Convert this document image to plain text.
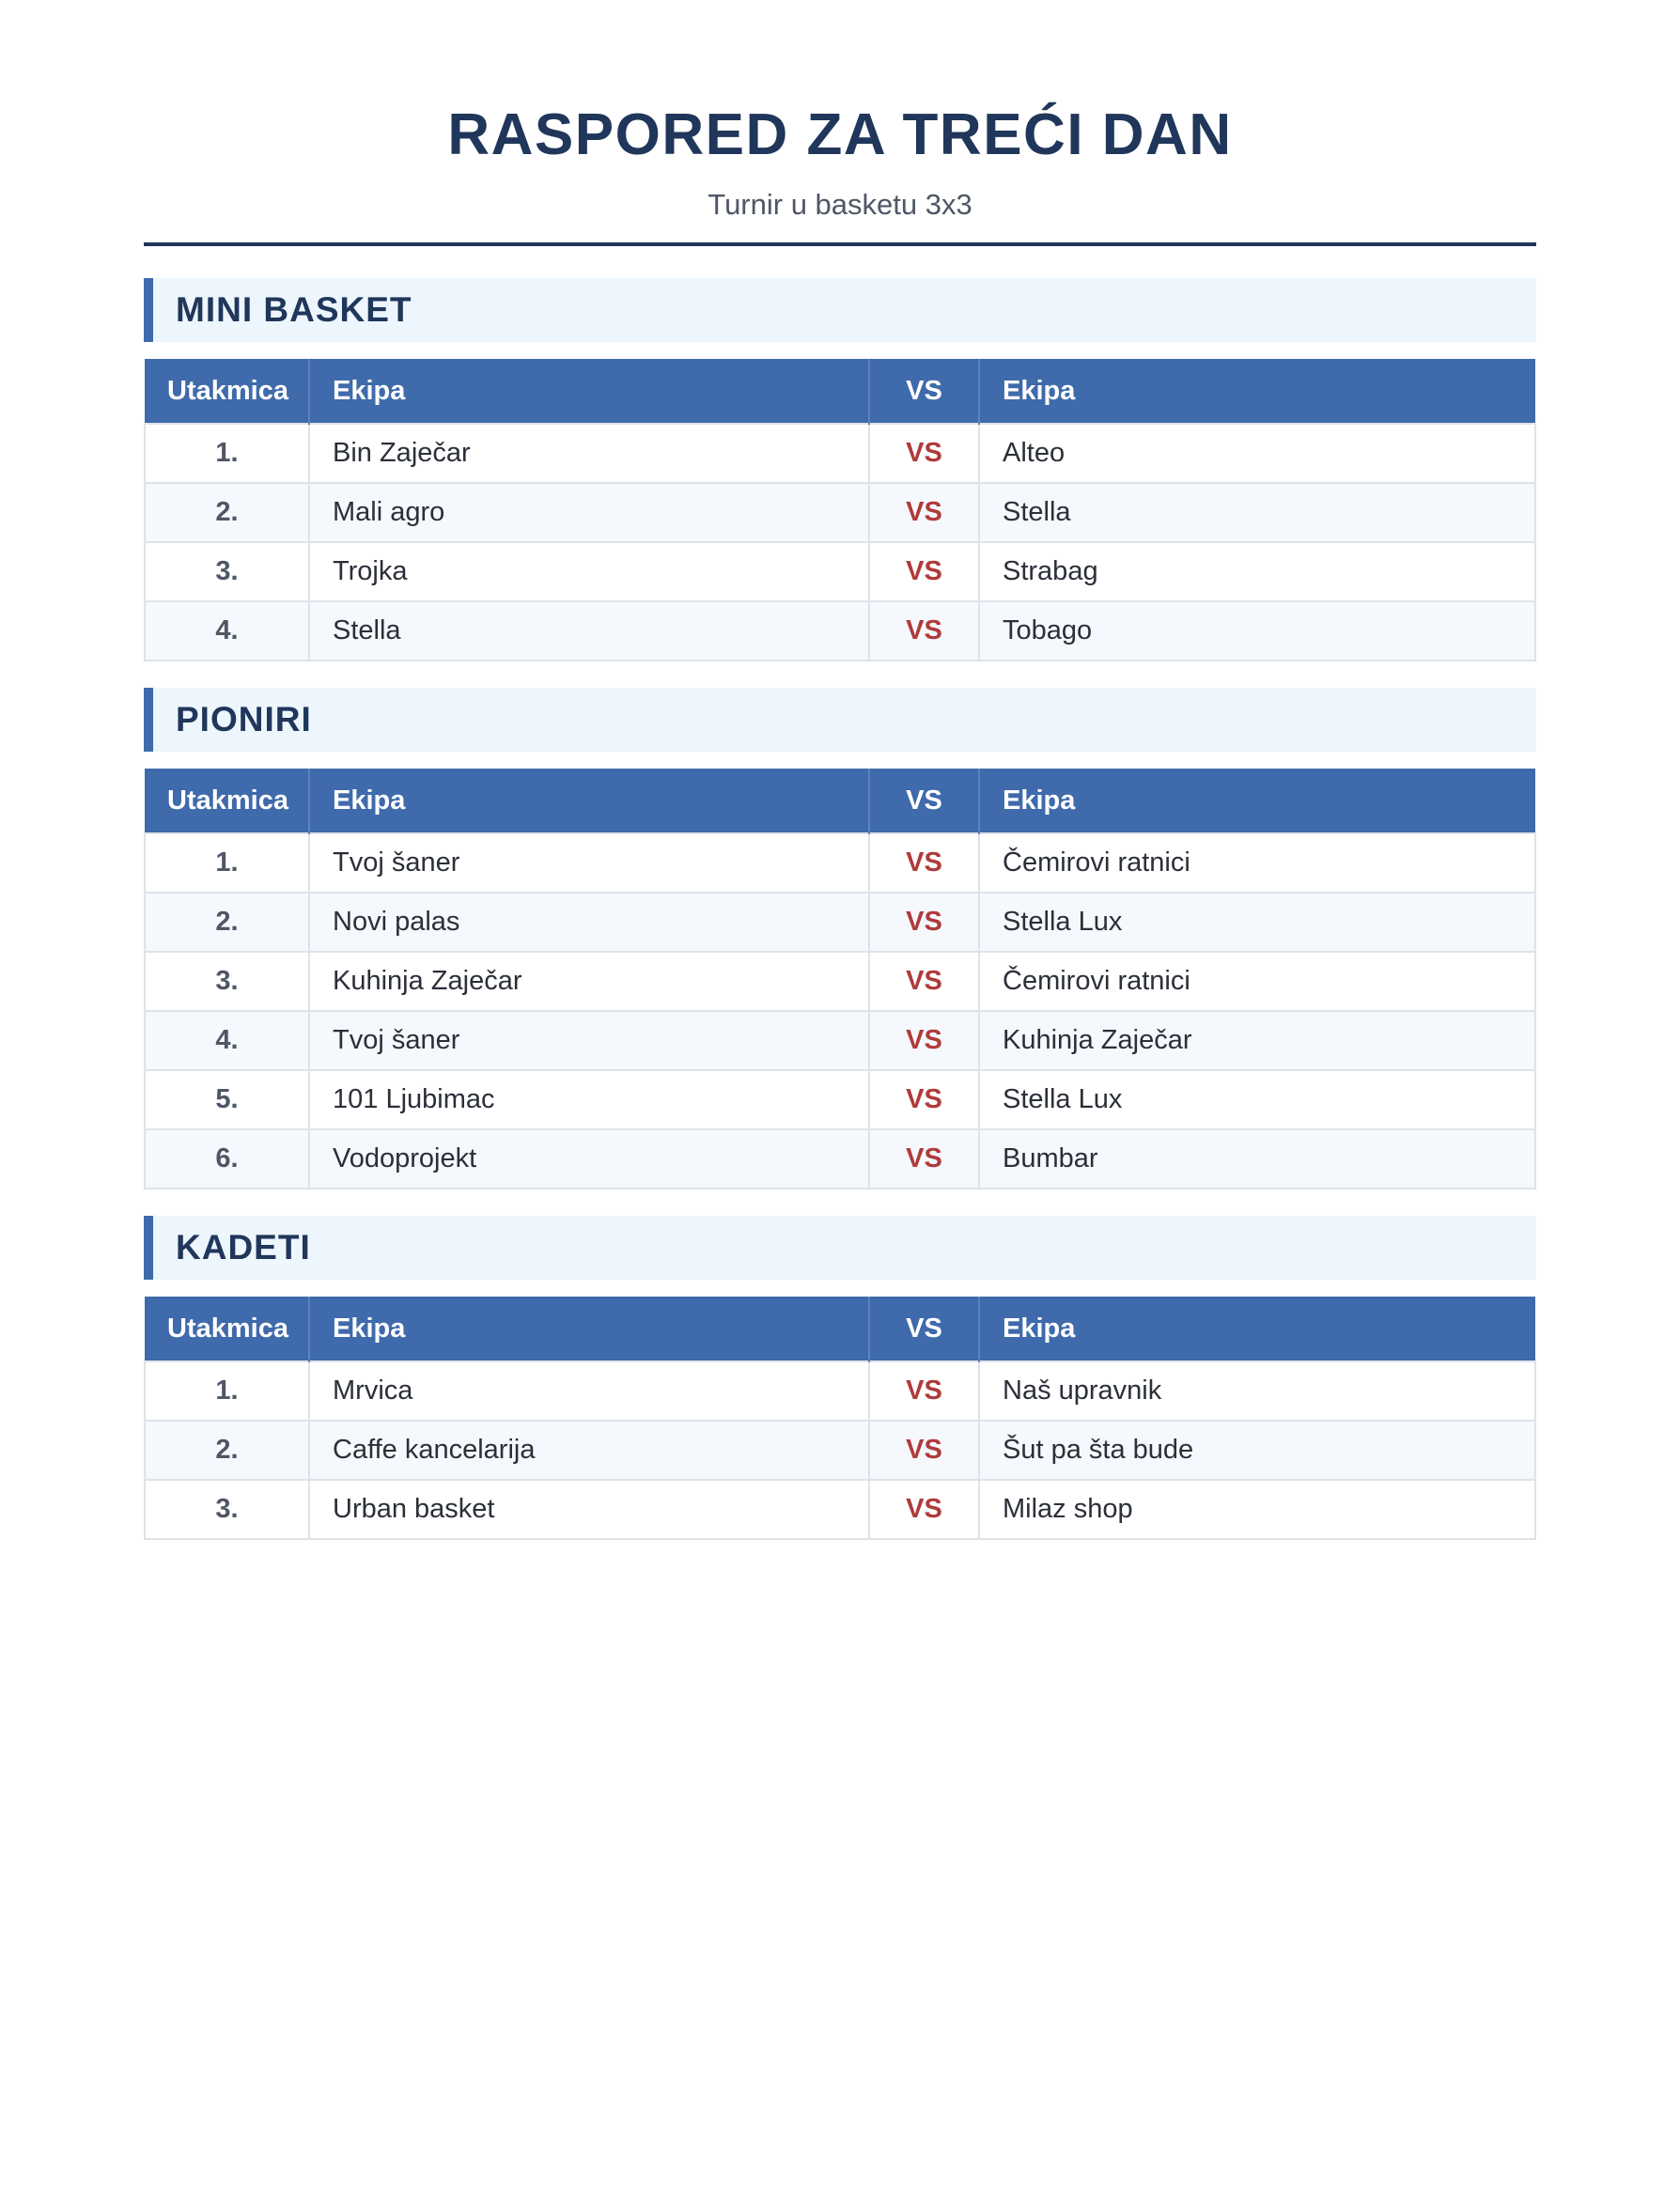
RASPORED ZA TREĆI DAN
Turnir u basketu 3x3
MINI BASKET
Utakmica	Ekipa	VS	Ekipa
1.	Bin Zaječar	VS	Alteo
2.	Mali agro	VS	Stella
3.	Trojka	VS	Strabag
4.	Stella	VS	Tobago
PIONIRI
Utakmica	Ekipa	VS	Ekipa
1.	Tvoj šaner	VS	Čemirovi ratnici
2.	Novi palas	VS	Stella Lux
3.	Kuhinja Zaječar	VS	Čemirovi ratnici
4.	Tvoj šaner	VS	Kuhinja Zaječar
5.	101 Ljubimac	VS	Stella Lux
6.	Vodoprojekt	VS	Bumbar
KADETI
Utakmica	Ekipa	VS	Ekipa
1.	Mrvica	VS	Naš upravnik
2.	Caffe kancelarija	VS	Šut pa šta bude
3.	Urban basket	VS	Milaz shop
